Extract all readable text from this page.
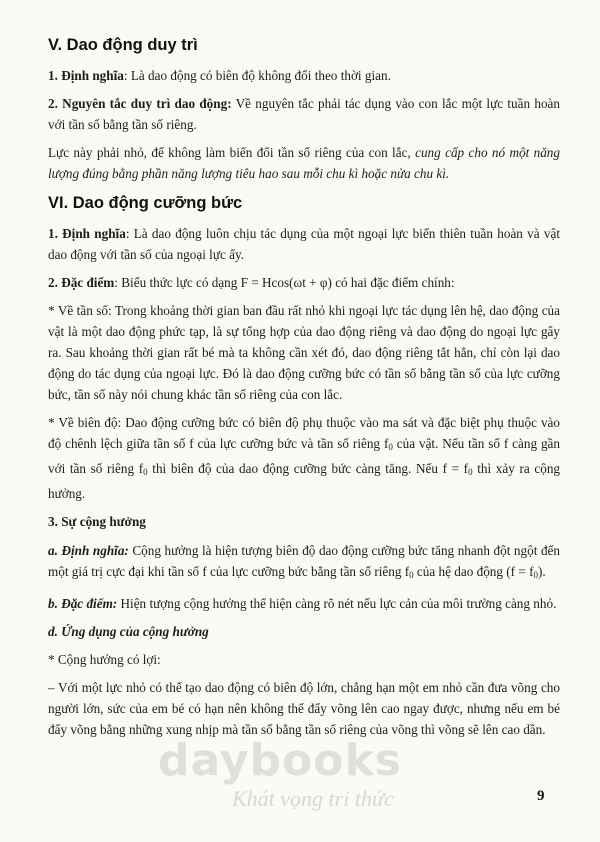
V. Dao động duy trì

1. Định nghĩa: Là dao động có biên độ không đổi theo thời gian.

2. Nguyên tắc duy trì dao động: Về nguyên tắc phải tác dụng vào con lắc một lực tuần hoàn với tần số bằng tần số riêng.

Lực này phải nhỏ, để không làm biến đổi tần số riêng của con lắc, cung cấp cho nó một năng lượng đúng bằng phần năng lượng tiêu hao sau mỗi chu kì hoặc nửa chu kì.

VI. Dao động cưỡng bức

1. Định nghĩa: Là dao động luôn chịu tác dụng của một ngoại lực biến thiên tuần hoàn và vật dao động với tần số của ngoại lực ấy.

2. Đặc điểm: Biểu thức lực có dạng F = Hcos(ωt + φ) có hai đặc điểm chính:

* Về tần số: Trong khoảng thời gian ban đầu rất nhỏ khi ngoại lực tác dụng lên hệ, dao động của vật là một dao động phức tạp, là sự tổng hợp của dao động riêng và dao động do ngoại lực gây ra. Sau khoảng thời gian rất bé mà ta không cần xét đó, dao động riêng tắt hẳn, chỉ còn lại dao động do tác dụng của ngoại lực. Đó là dao động cưỡng bức có tần số bằng tần số của lực cưỡng bức, tần số này nói chung khác tần số riêng của con lắc.

* Về biên độ: Dao động cưỡng bức có biên độ phụ thuộc vào ma sát và đặc biệt phụ thuộc vào độ chênh lệch giữa tần số f của lực cưỡng bức và tần số riêng $f_0$ của vật. Nếu tần số f càng gần với tần số riêng $f_0$ thì biên độ của dao động cưỡng bức càng tăng. Nếu $f = f_0$ thì xảy ra cộng hưởng.

3. Sự cộng hưởng

a. Định nghĩa: Cộng hưởng là hiện tượng biên độ dao động cưỡng bức tăng nhanh đột ngột đến một giá trị cực đại khi tần số f của lực cưỡng bức bằng tần số riêng $f_0$ của hệ dao động $(f = f_0)$.

b. Đặc điểm: Hiện tượng cộng hưởng thể hiện càng rõ nét nếu lực cản của môi trường càng nhỏ.

d. Ứng dụng của cộng hưởng

* Cộng hưởng có lợi:

– Với một lực nhỏ có thể tạo dao động có biên độ lớn, chẳng hạn một em nhỏ cần đưa võng cho người lớn, sức của em bé có hạn nên không thể đẩy võng lên cao ngay được, nhưng nếu em bé đẩy võng bằng những xung nhịp mà tần số bằng tần số riêng của võng thì võng sẽ lên cao dần.

daybooks
Khát vọng tri thức	9
